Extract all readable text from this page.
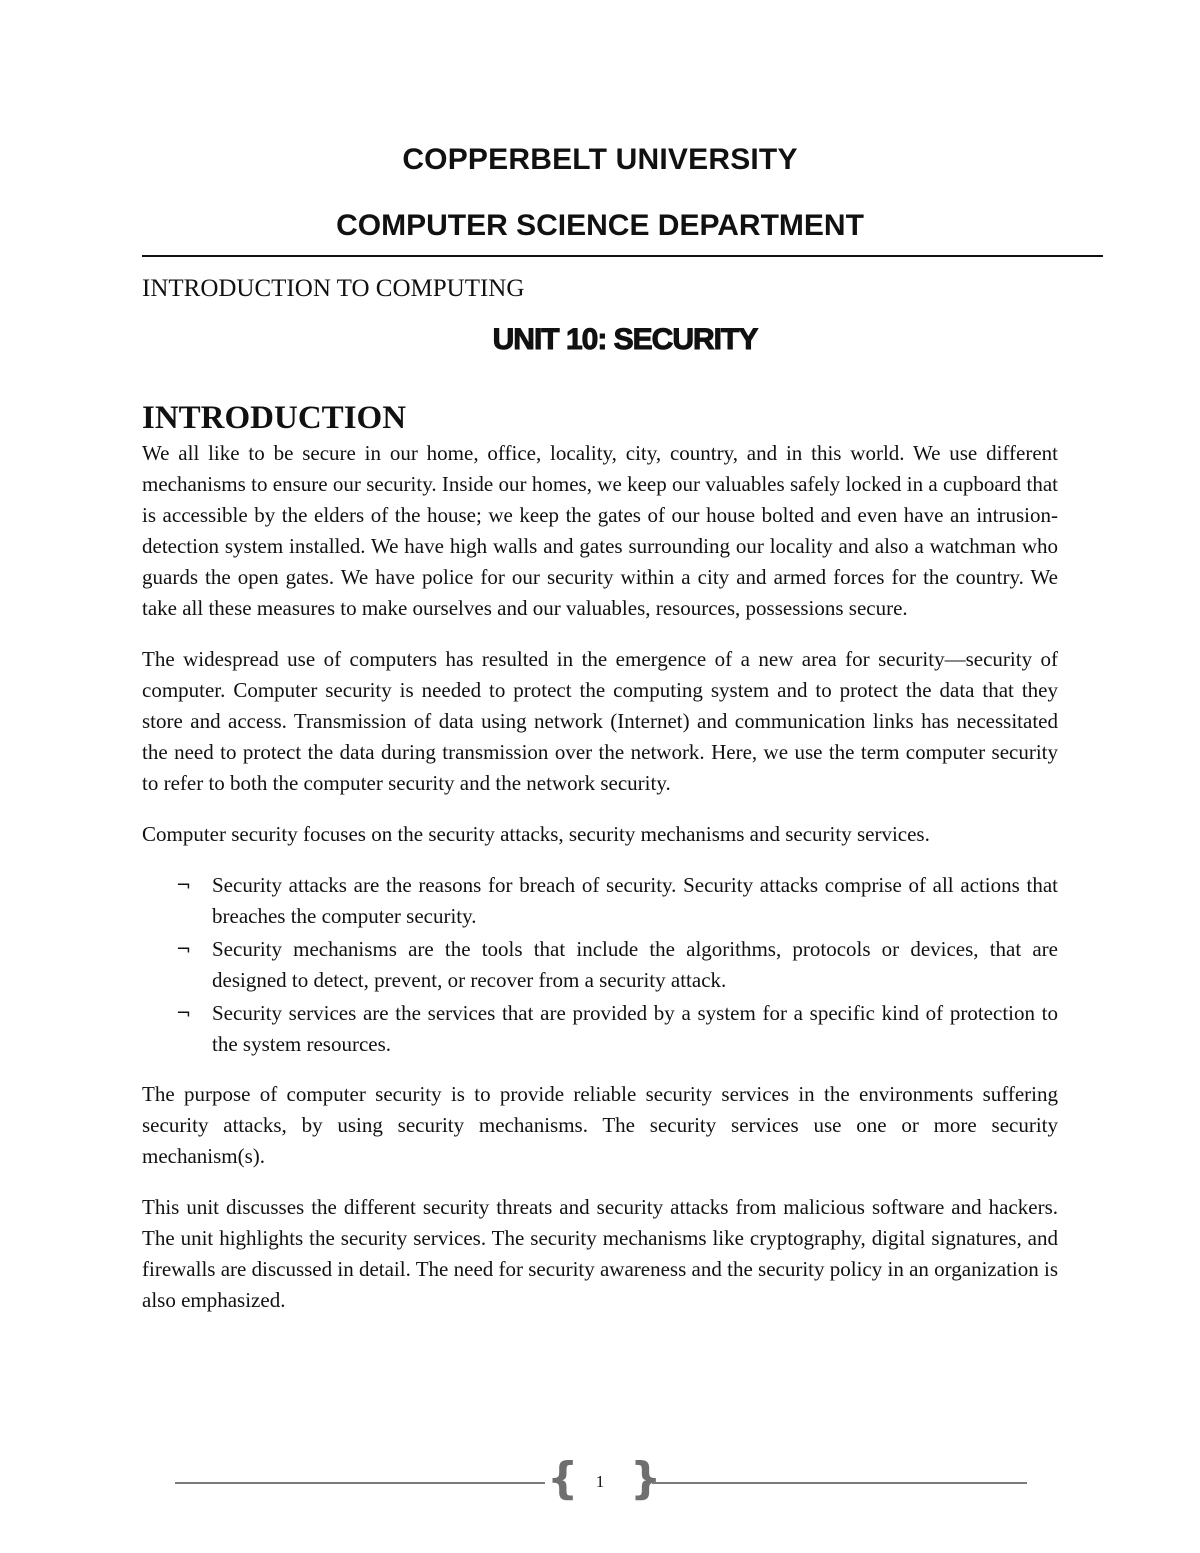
COPPERBELT UNIVERSITY
COMPUTER SCIENCE DEPARTMENT
INTRODUCTION TO COMPUTING
UNIT 10: SECURITY
INTRODUCTION

We all like to be secure in our home, office, locality, city, country, and in this world. We use different mechanisms to ensure our security. Inside our homes, we keep our valuables safely locked in a cupboard that is accessible by the elders of the house; we keep the gates of our house bolted and even have an intrusion-detection system installed. We have high walls and gates surrounding our locality and also a watchman who guards the open gates. We have police for our security within a city and armed forces for the country. We take all these measures to make ourselves and our valuables, resources, possessions secure.

The widespread use of computers has resulted in the emergence of a new area for security—security of computer. Computer security is needed to protect the computing system and to protect the data that they store and access. Transmission of data using network (Internet) and communication links has necessitated the need to protect the data during transmission over the network. Here, we use the term computer security to refer to both the computer security and the network security.

Computer security focuses on the security attacks, security mechanisms and security services.

¬ Security attacks are the reasons for breach of security. Security attacks comprise of all actions that breaches the computer security.
¬ Security mechanisms are the tools that include the algorithms, protocols or devices, that are designed to detect, prevent, or recover from a security attack.
¬ Security services are the services that are provided by a system for a specific kind of protection to the system resources.

The purpose of computer security is to provide reliable security services in the environments suffering security attacks, by using security mechanisms. The security services use one or more security mechanism(s).

This unit discusses the different security threats and security attacks from malicious software and hackers. The unit highlights the security services. The security mechanisms like cryptography, digital signatures, and firewalls are discussed in detail. The need for security awareness and the security policy in an organization is also emphasized.

{	1 }
